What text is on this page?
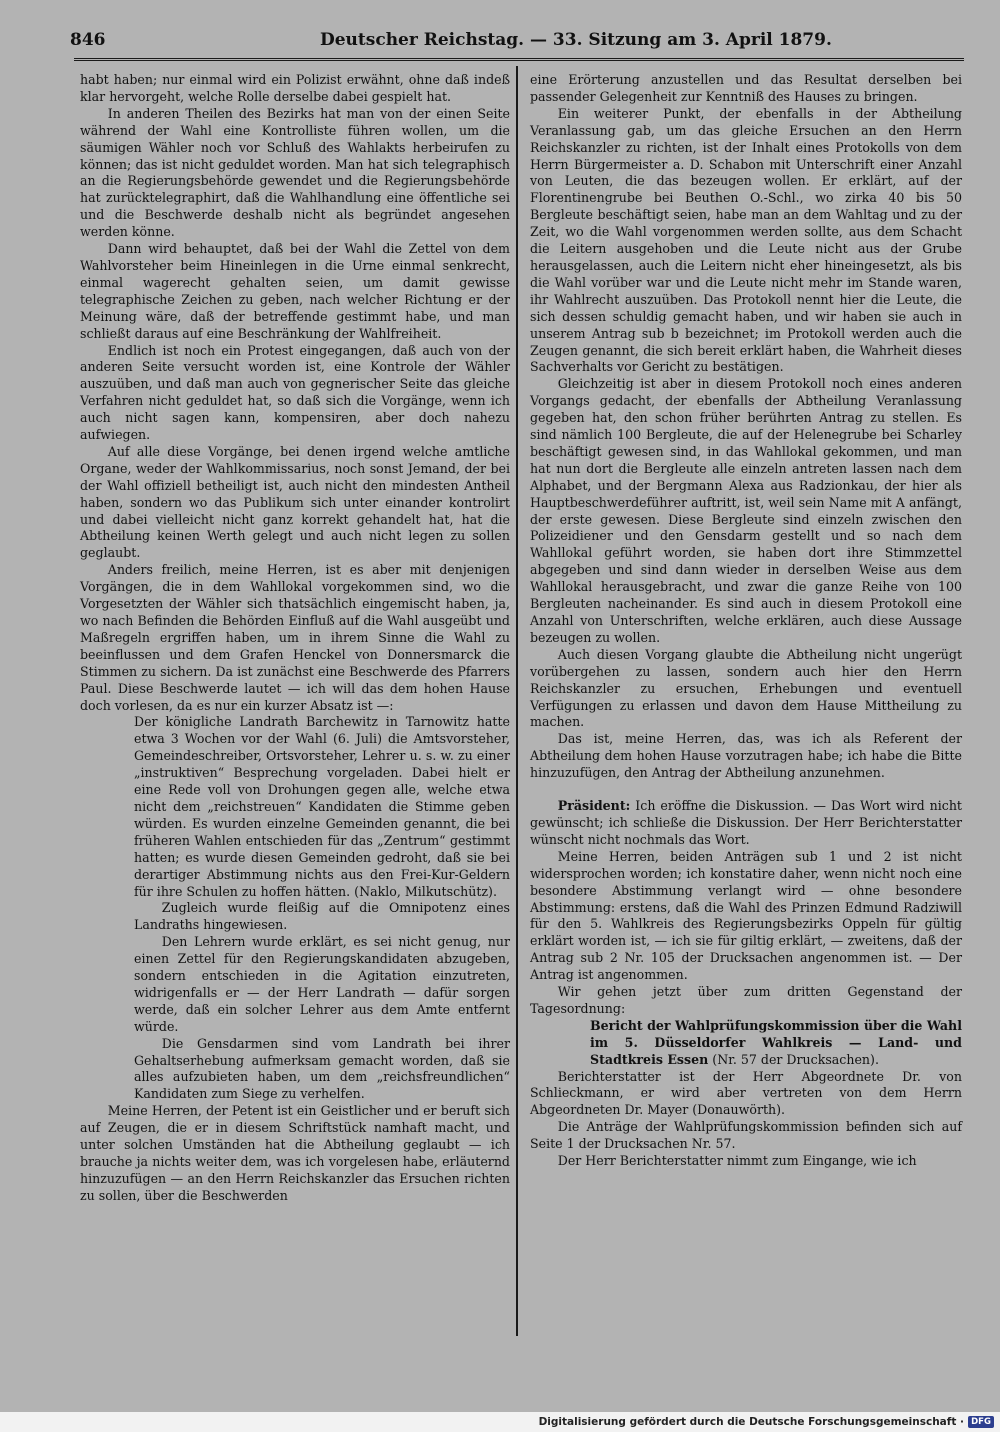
846	Deutscher Reichstag. — 33. Sitzung am 3. April 1879.

habt haben; nur einmal wird ein Polizist erwähnt, ohne daß indeß klar hervorgeht, welche Rolle derselbe dabei gespielt hat.

In anderen Theilen des Bezirks hat man von der einen Seite während der Wahl eine Kontrolliste führen wollen, um die säumigen Wähler noch vor Schluß des Wahlakts herbeirufen zu können; das ist nicht geduldet worden. Man hat sich telegraphisch an die Regierungsbehörde gewendet und die Regierungsbehörde hat zurücktelegraphirt, daß die Wahlhandlung eine öffentliche sei und die Beschwerde deshalb nicht als begründet angesehen werden könne.

Dann wird behauptet, daß bei der Wahl die Zettel von dem Wahlvorsteher beim Hineinlegen in die Urne einmal senkrecht, einmal wagerecht gehalten seien, um damit gewisse telegraphische Zeichen zu geben, nach welcher Richtung er der Meinung wäre, daß der betreffende gestimmt habe, und man schließt daraus auf eine Beschränkung der Wahlfreiheit.

Endlich ist noch ein Protest eingegangen, daß auch von der anderen Seite versucht worden ist, eine Kontrole der Wähler auszuüben, und daß man auch von gegnerischer Seite das gleiche Verfahren nicht geduldet hat, so daß sich die Vorgänge, wenn ich auch nicht sagen kann, kompensiren, aber doch nahezu aufwiegen.

Auf alle diese Vorgänge, bei denen irgend welche amtliche Organe, weder der Wahlkommissarius, noch sonst Jemand, der bei der Wahl offiziell betheiligt ist, auch nicht den mindesten Antheil haben, sondern wo das Publikum sich unter einander kontrolirt und dabei vielleicht nicht ganz korrekt gehandelt hat, hat die Abtheilung keinen Werth gelegt und auch nicht legen zu sollen geglaubt.

Anders freilich, meine Herren, ist es aber mit denjenigen Vorgängen, die in dem Wahllokal vorgekommen sind, wo die Vorgesetzten der Wähler sich thatsächlich eingemischt haben, ja, wo nach Befinden die Behörden Einfluß auf die Wahl ausgeübt und Maßregeln ergriffen haben, um in ihrem Sinne die Wahl zu beeinflussen und dem Grafen Henckel von Donnersmarck die Stimmen zu sichern. Da ist zunächst eine Beschwerde des Pfarrers Paul. Diese Beschwerde lautet — ich will das dem hohen Hause doch vorlesen, da es nur ein kurzer Absatz ist —:

Der königliche Landrath Barchewitz in Tarnowitz hatte etwa 3 Wochen vor der Wahl (6. Juli) die Amtsvorsteher, Gemeindeschreiber, Ortsvorsteher, Lehrer u. s. w. zu einer „instruktiven“ Besprechung vorgeladen. Dabei hielt er eine Rede voll von Drohungen gegen alle, welche etwa nicht dem „reichstreuen“ Kandidaten die Stimme geben würden. Es wurden einzelne Gemeinden genannt, die bei früheren Wahlen entschieden für das „Zentrum“ gestimmt hatten; es wurde diesen Gemeinden gedroht, daß sie bei derartiger Abstimmung nichts aus den Frei-Kur-Geldern für ihre Schulen zu hoffen hätten. (Naklo, Milkutschütz).

Zugleich wurde fleißig auf die Omnipotenz eines Landraths hingewiesen.

Den Lehrern wurde erklärt, es sei nicht genug, nur einen Zettel für den Regierungskandidaten abzugeben, sondern entschieden in die Agitation einzutreten, widrigenfalls er — der Herr Landrath — dafür sorgen werde, daß ein solcher Lehrer aus dem Amte entfernt würde.

Die Gensdarmen sind vom Landrath bei ihrer Gehaltserhebung aufmerksam gemacht worden, daß sie alles aufzubieten haben, um dem „reichsfreundlichen“ Kandidaten zum Siege zu verhelfen.

Meine Herren, der Petent ist ein Geistlicher und er beruft sich auf Zeugen, die er in diesem Schriftstück namhaft macht, und unter solchen Umständen hat die Abtheilung geglaubt — ich brauche ja nichts weiter dem, was ich vorgelesen habe, erläuternd hinzuzufügen — an den Herrn Reichskanzler das Ersuchen richten zu sollen, über die Beschwerden

eine Erörterung anzustellen und das Resultat derselben bei passender Gelegenheit zur Kenntniß des Hauses zu bringen.

Ein weiterer Punkt, der ebenfalls in der Abtheilung Veranlassung gab, um das gleiche Ersuchen an den Herrn Reichskanzler zu richten, ist der Inhalt eines Protokolls von dem Herrn Bürgermeister a. D. Schabon mit Unterschrift einer Anzahl von Leuten, die das bezeugen wollen. Er erklärt, auf der Florentinengrube bei Beuthen O.-Schl., wo zirka 40 bis 50 Bergleute beschäftigt seien, habe man an dem Wahltag und zu der Zeit, wo die Wahl vorgenommen werden sollte, aus dem Schacht die Leitern ausgehoben und die Leute nicht aus der Grube herausgelassen, auch die Leitern nicht eher hineingesetzt, als bis die Wahl vorüber war und die Leute nicht mehr im Stande waren, ihr Wahlrecht auszuüben. Das Protokoll nennt hier die Leute, die sich dessen schuldig gemacht haben, und wir haben sie auch in unserem Antrag sub b bezeichnet; im Protokoll werden auch die Zeugen genannt, die sich bereit erklärt haben, die Wahrheit dieses Sachverhalts vor Gericht zu bestätigen.

Gleichzeitig ist aber in diesem Protokoll noch eines anderen Vorgangs gedacht, der ebenfalls der Abtheilung Veranlassung gegeben hat, den schon früher berührten Antrag zu stellen. Es sind nämlich 100 Bergleute, die auf der Helenegrube bei Scharley beschäftigt gewesen sind, in das Wahllokal gekommen, und man hat nun dort die Bergleute alle einzeln antreten lassen nach dem Alphabet, und der Bergmann Alexa aus Radzionkau, der hier als Hauptbeschwerdeführer auftritt, ist, weil sein Name mit A anfängt, der erste gewesen. Diese Bergleute sind einzeln zwischen den Polizeidiener und den Gensdarm gestellt und so nach dem Wahllokal geführt worden, sie haben dort ihre Stimmzettel abgegeben und sind dann wieder in derselben Weise aus dem Wahllokal herausgebracht, und zwar die ganze Reihe von 100 Bergleuten nacheinander. Es sind auch in diesem Protokoll eine Anzahl von Unterschriften, welche erklären, auch diese Aussage bezeugen zu wollen.

Auch diesen Vorgang glaubte die Abtheilung nicht ungerügt vorübergehen zu lassen, sondern auch hier den Herrn Reichskanzler zu ersuchen, Erhebungen und eventuell Verfügungen zu erlassen und davon dem Hause Mittheilung zu machen.

Das ist, meine Herren, das, was ich als Referent der Abtheilung dem hohen Hause vorzutragen habe; ich habe die Bitte hinzuzufügen, den Antrag der Abtheilung anzunehmen.

Präsident: Ich eröffne die Diskussion. — Das Wort wird nicht gewünscht; ich schließe die Diskussion. Der Herr Berichterstatter wünscht nicht nochmals das Wort.

Meine Herren, beiden Anträgen sub 1 und 2 ist nicht widersprochen worden; ich konstatire daher, wenn nicht noch eine besondere Abstimmung verlangt wird — ohne besondere Abstimmung: erstens, daß die Wahl des Prinzen Edmund Radziwill für den 5. Wahlkreis des Regierungsbezirks Oppeln für gültig erklärt worden ist, — ich sie für giltig erklärt, — zweitens, daß der Antrag sub 2 Nr. 105 der Drucksachen angenommen ist. — Der Antrag ist angenommen.

Wir gehen jetzt über zum dritten Gegenstand der Tagesordnung:

Bericht der Wahlprüfungskommission über die Wahl im 5. Düsseldorfer Wahlkreis — Land- und Stadtkreis Essen (Nr. 57 der Drucksachen).

Berichterstatter ist der Herr Abgeordnete Dr. von Schlieckmann, er wird aber vertreten von dem Herrn Abgeordneten Dr. Mayer (Donauwörth).

Die Anträge der Wahlprüfungskommission befinden sich auf Seite 1 der Drucksachen Nr. 57.

Der Herr Berichterstatter nimmt zum Eingange, wie ich

Digitalisierung gefördert durch die Deutsche Forschungsgemeinschaft · DFG
